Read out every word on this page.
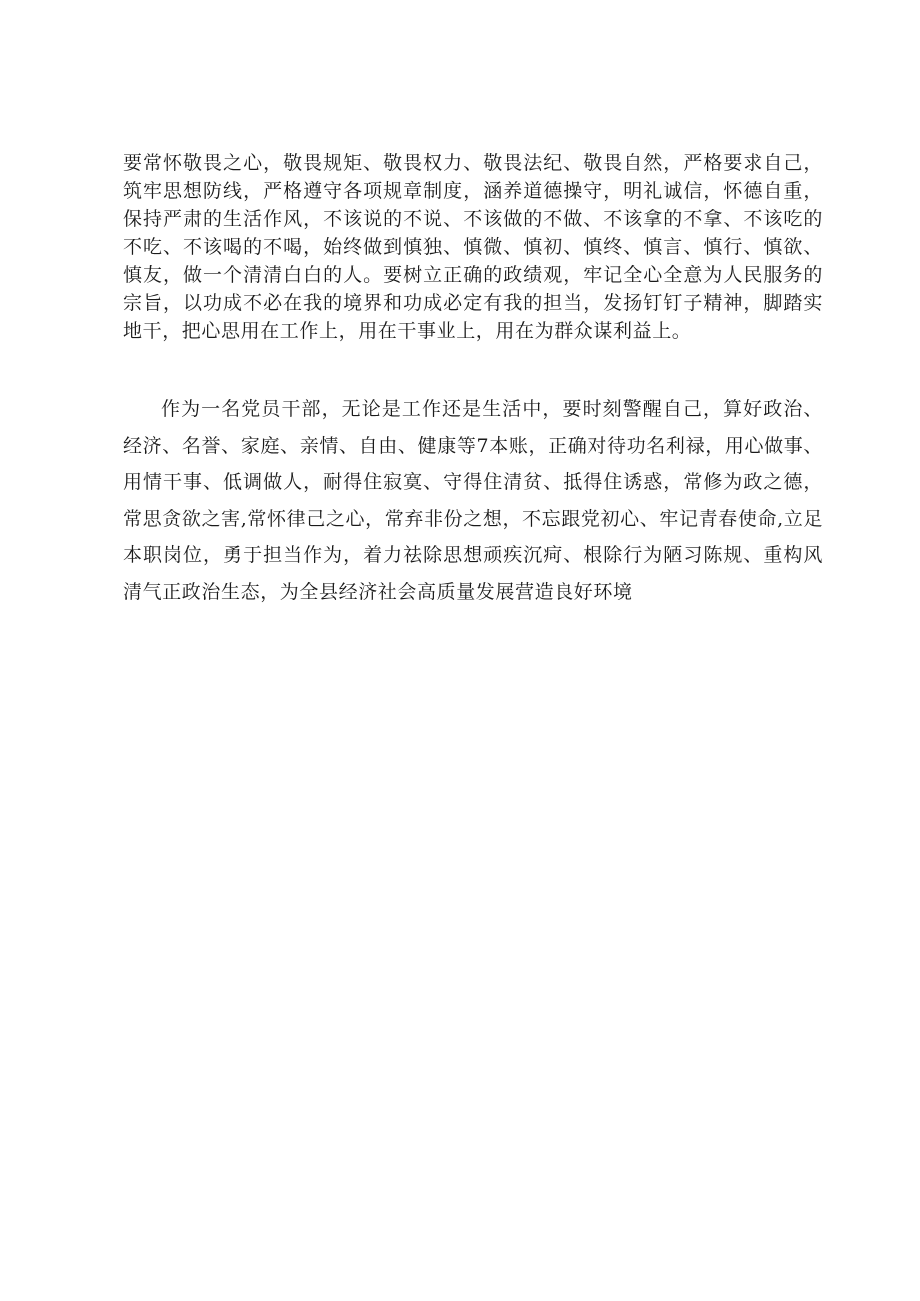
要常怀敬畏之心，敬畏规矩、敬畏权力、敬畏法纪、敬畏自然，严格要求自己，筑牢思想防线，严格遵守各项规章制度，涵养道德操守，明礼诚信，怀德自重，保持严肃的生活作风，不该说的不说、不该做的不做、不该拿的不拿、不该吃的不吃、不该喝的不喝，始终做到慎独、慎微、慎初、慎终、慎言、慎行、慎欲、慎友，做一个清清白白的人。要树立正确的政绩观，牢记全心全意为人民服务的宗旨，以功成不必在我的境界和功成必定有我的担当，发扬钉钉子精神，脚踏实地干，把心思用在工作上，用在干事业上，用在为群众谋利益上。

作为一名党员干部，无论是工作还是生活中，要时刻警醒自己，算好政治、经济、名誉、家庭、亲情、自由、健康等7本账，正确对待功名利禄，用心做事、用情干事、低调做人，耐得住寂寞、守得住清贫、抵得住诱惑，常修为政之德，常思贪欲之害,常怀律己之心，常弃非份之想，不忘跟党初心、牢记青春使命,立足本职岗位，勇于担当作为，着力祛除思想顽疾沉疴、根除行为陋习陈规、重构风清气正政治生态，为全县经济社会高质量发展营造良好环境
